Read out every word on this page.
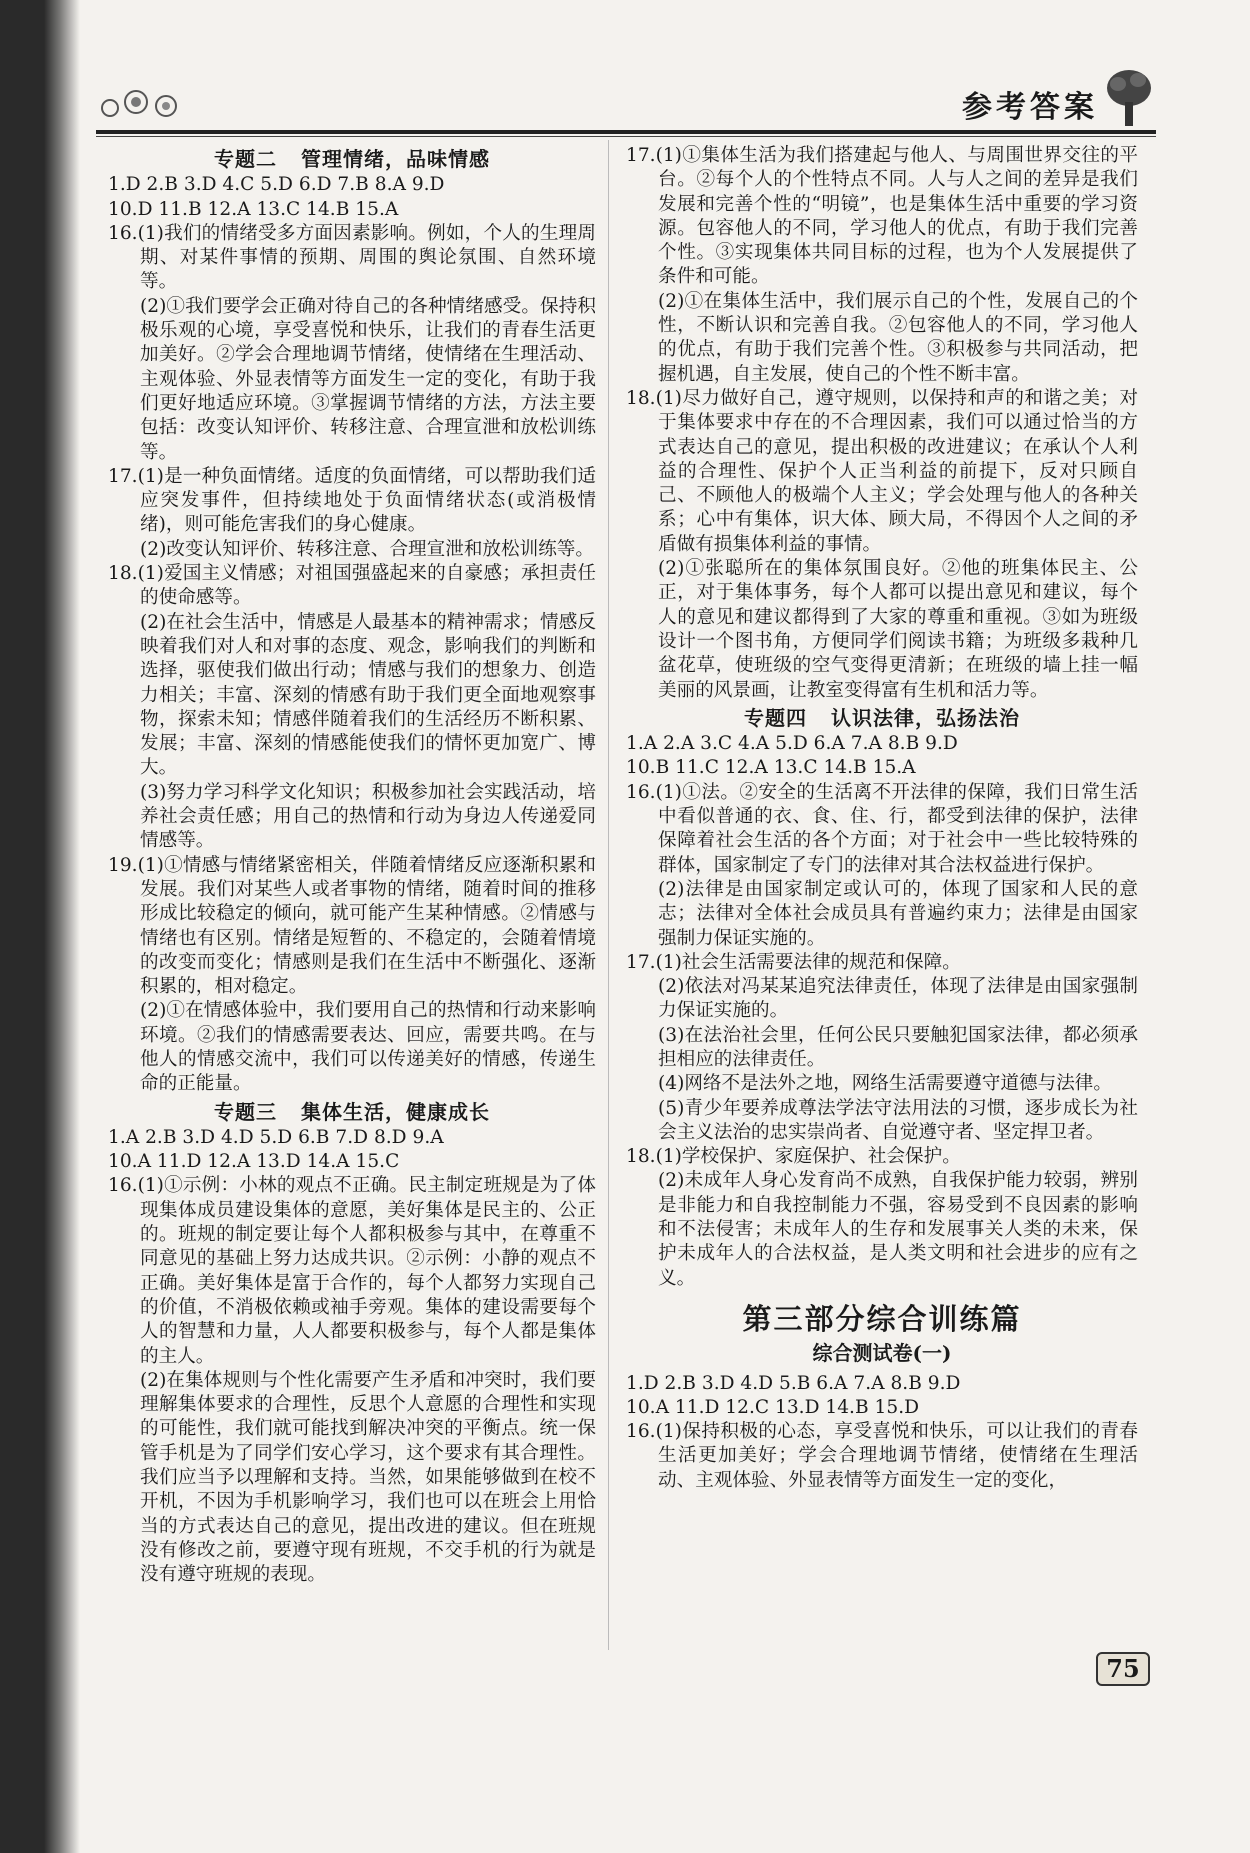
参考答案
专题二 管理情绪，品味情感
1.D 2.B 3.D 4.C 5.D 6.D 7.B 8.A 9.D
10.D 11.B 12.A 13.C 14.B 15.A
16.(1)我们的情绪受多方面因素影响。例如，个人的生理周期、对某件事情的预期、周围的舆论氛围、自然环境等。
(2)①我们要学会正确对待自己的各种情绪感受。保持积极乐观的心境，享受喜悦和快乐，让我们的青春生活更加美好。②学会合理地调节情绪，使情绪在生理活动、主观体验、外显表情等方面发生一定的变化，有助于我们更好地适应环境。③掌握调节情绪的方法，方法主要包括：改变认知评价、转移注意、合理宣泄和放松训练等。
17.(1)是一种负面情绪。适度的负面情绪，可以帮助我们适应突发事件，但持续地处于负面情绪状态(或消极情绪)，则可能危害我们的身心健康。
(2)改变认知评价、转移注意、合理宣泄和放松训练等。
18.(1)爱国主义情感；对祖国强盛起来的自豪感；承担责任的使命感等。
(2)在社会生活中，情感是人最基本的精神需求；情感反映着我们对人和对事的态度、观念，影响我们的判断和选择，驱使我们做出行动；情感与我们的想象力、创造力相关；丰富、深刻的情感有助于我们更全面地观察事物，探索未知；情感伴随着我们的生活经历不断积累、发展；丰富、深刻的情感能使我们的情怀更加宽广、博大。
(3)努力学习科学文化知识；积极参加社会实践活动，培养社会责任感；用自己的热情和行动为身边人传递爱同情感等。
19.(1)①情感与情绪紧密相关，伴随着情绪反应逐渐积累和发展。我们对某些人或者事物的情绪，随着时间的推移形成比较稳定的倾向，就可能产生某种情感。②情感与情绪也有区别。情绪是短暂的、不稳定的，会随着情境的改变而变化；情感则是我们在生活中不断强化、逐渐积累的，相对稳定。
(2)①在情感体验中，我们要用自己的热情和行动来影响环境。②我们的情感需要表达、回应，需要共鸣。在与他人的情感交流中，我们可以传递美好的情感，传递生命的正能量。
专题三 集体生活，健康成长
1.A 2.B 3.D 4.D 5.D 6.B 7.D 8.D 9.A
10.A 11.D 12.A 13.D 14.A 15.C
16.(1)①示例：小林的观点不正确。民主制定班规是为了体现集体成员建设集体的意愿，美好集体是民主的、公正的。班规的制定要让每个人都积极参与其中，在尊重不同意见的基础上努力达成共识。②示例：小静的观点不正确。美好集体是富于合作的，每个人都努力实现自己的价值，不消极依赖或袖手旁观。集体的建设需要每个人的智慧和力量，人人都要积极参与，每个人都是集体的主人。
(2)在集体规则与个性化需要产生矛盾和冲突时，我们要理解集体要求的合理性，反思个人意愿的合理性和实现的可能性，我们就可能找到解决冲突的平衡点。统一保管手机是为了同学们安心学习，这个要求有其合理性。我们应当予以理解和支持。当然，如果能够做到在校不开机，不因为手机影响学习，我们也可以在班会上用恰当的方式表达自己的意见，提出改进的建议。但在班规没有修改之前，要遵守现有班规，不交手机的行为就是没有遵守班规的表现。
17.(1)①集体生活为我们搭建起与他人、与周围世界交往的平台。②每个人的个性特点不同。人与人之间的差异是我们发展和完善个性的“明镜”，也是集体生活中重要的学习资源。包容他人的不同，学习他人的优点，有助于我们完善个性。③实现集体共同目标的过程，也为个人发展提供了条件和可能。
(2)①在集体生活中，我们展示自己的个性，发展自己的个性，不断认识和完善自我。②包容他人的不同，学习他人的优点，有助于我们完善个性。③积极参与共同活动，把握机遇，自主发展，使自己的个性不断丰富。
18.(1)尽力做好自己，遵守规则，以保持和声的和谐之美；对于集体要求中存在的不合理因素，我们可以通过恰当的方式表达自己的意见，提出积极的改进建议；在承认个人利益的合理性、保护个人正当利益的前提下，反对只顾自己、不顾他人的极端个人主义；学会处理与他人的各种关系；心中有集体，识大体、顾大局，不得因个人之间的矛盾做有损集体利益的事情。
(2)①张聪所在的集体氛围良好。②他的班集体民主、公正，对于集体事务，每个人都可以提出意见和建议，每个人的意见和建议都得到了大家的尊重和重视。③如为班级设计一个图书角，方便同学们阅读书籍；为班级多栽种几盆花草，使班级的空气变得更清新；在班级的墙上挂一幅美丽的风景画，让教室变得富有生机和活力等。
专题四 认识法律，弘扬法治
1.A 2.A 3.C 4.A 5.D 6.A 7.A 8.B 9.D
10.B 11.C 12.A 13.C 14.B 15.A
16.(1)①法。②安全的生活离不开法律的保障，我们日常生活中看似普通的衣、食、住、行，都受到法律的保护，法律保障着社会生活的各个方面；对于社会中一些比较特殊的群体，国家制定了专门的法律对其合法权益进行保护。
(2)法律是由国家制定或认可的，体现了国家和人民的意志；法律对全体社会成员具有普遍约束力；法律是由国家强制力保证实施的。
17.(1)社会生活需要法律的规范和保障。
(2)依法对冯某某追究法律责任，体现了法律是由国家强制力保证实施的。
(3)在法治社会里，任何公民只要触犯国家法律，都必须承担相应的法律责任。
(4)网络不是法外之地，网络生活需要遵守道德与法律。
(5)青少年要养成尊法学法守法用法的习惯，逐步成长为社会主义法治的忠实崇尚者、自觉遵守者、坚定捍卫者。
18.(1)学校保护、家庭保护、社会保护。
(2)未成年人身心发育尚不成熟，自我保护能力较弱，辨别是非能力和自我控制能力不强，容易受到不良因素的影响和不法侵害；未成年人的生存和发展事关人类的未来，保护未成年人的合法权益，是人类文明和社会进步的应有之义。
第三部分综合训练篇
综合测试卷(一)
1.D 2.B 3.D 4.D 5.B 6.A 7.A 8.B 9.D
10.A 11.D 12.C 13.D 14.B 15.D
16.(1)保持积极的心态，享受喜悦和快乐，可以让我们的青春生活更加美好；学会合理地调节情绪，使情绪在生理活动、主观体验、外显表情等方面发生一定的变化，
75
